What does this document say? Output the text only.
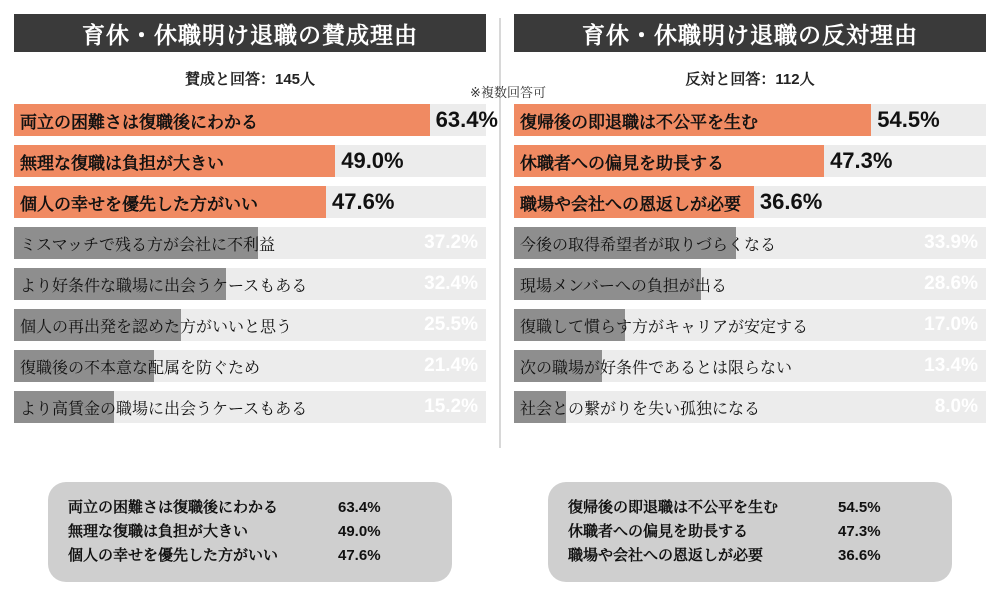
育休・休職明け退職の賛成理由
賛成と回答：145人
両立の困難さは復職後にわかる	63.4%
無理な復職は負担が大きい	49.0%
個人の幸せを優先した方がいい	47.6%
ミスマッチで残る方が会社に不利益	37.2%
より好条件な職場に出会うケースもある	32.4%
個人の再出発を認めた方がいいと思う	25.5%
復職後の不本意な配属を防ぐため	21.4%
より高賃金の職場に出会うケースもある	15.2%
※複数回答可
育休・休職明け退職の反対理由
反対と回答：112人
復帰後の即退職は不公平を生む	54.5%
休職者への偏見を助長する	47.3%
職場や会社への恩返しが必要 36.6%
今後の取得希望者が取りづらくなる	33.9%
現場メンバーへの負担が出る	28.6%
復職して慣らす方がキャリアが安定する	17.0%
次の職場が好条件であるとは限らない	13.4%
社会との繋がりを失い孤独になる	8.0%
両立の困難さは復職後にわかる	63.4%
無理な復職は負担が大きい	49.0%
個人の幸せを優先した方がいい	47.6%
復帰後の即退職は不公平を生む	54.5%
休職者への偏見を助長する	47.3%
職場や会社への恩返しが必要	36.6%
